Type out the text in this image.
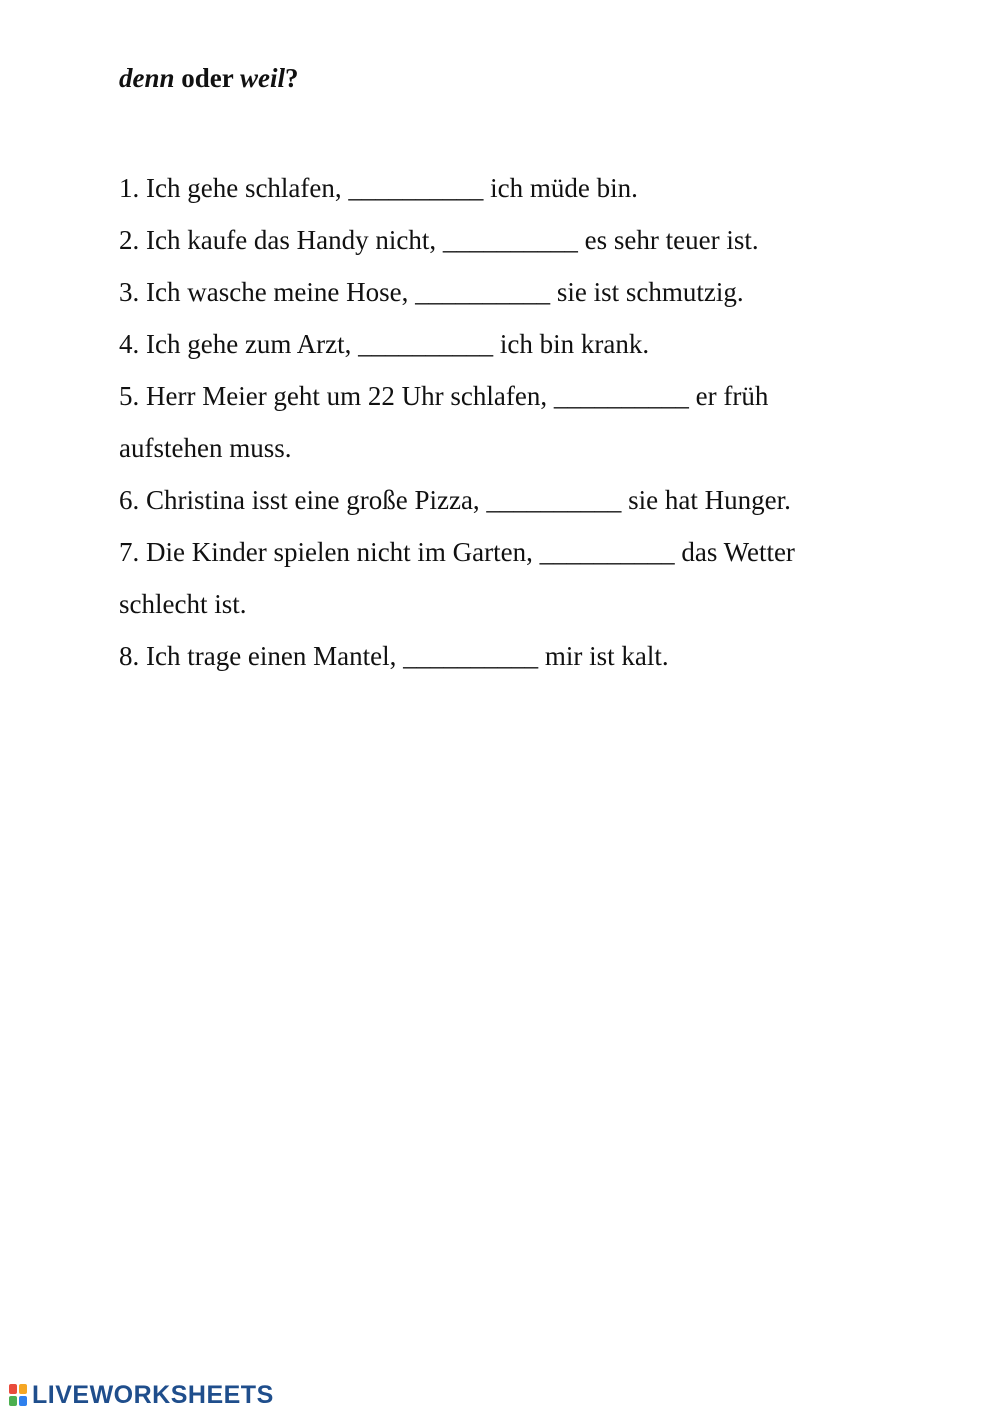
denn oder weil?
1. Ich gehe schlafen, __________ ich müde bin.
2. Ich kaufe das Handy nicht, __________ es sehr teuer ist.
3. Ich wasche meine Hose, __________ sie ist schmutzig.
4. Ich gehe zum Arzt, __________ ich bin krank.
5. Herr Meier geht um 22 Uhr schlafen, __________ er früh
aufstehen muss.
6. Christina isst eine große Pizza, __________ sie hat Hunger.
7. Die Kinder spielen nicht im Garten, __________ das Wetter
schlecht ist.
8. Ich trage einen Mantel, __________ mir ist kalt.
LIVEWORKSHEETS
